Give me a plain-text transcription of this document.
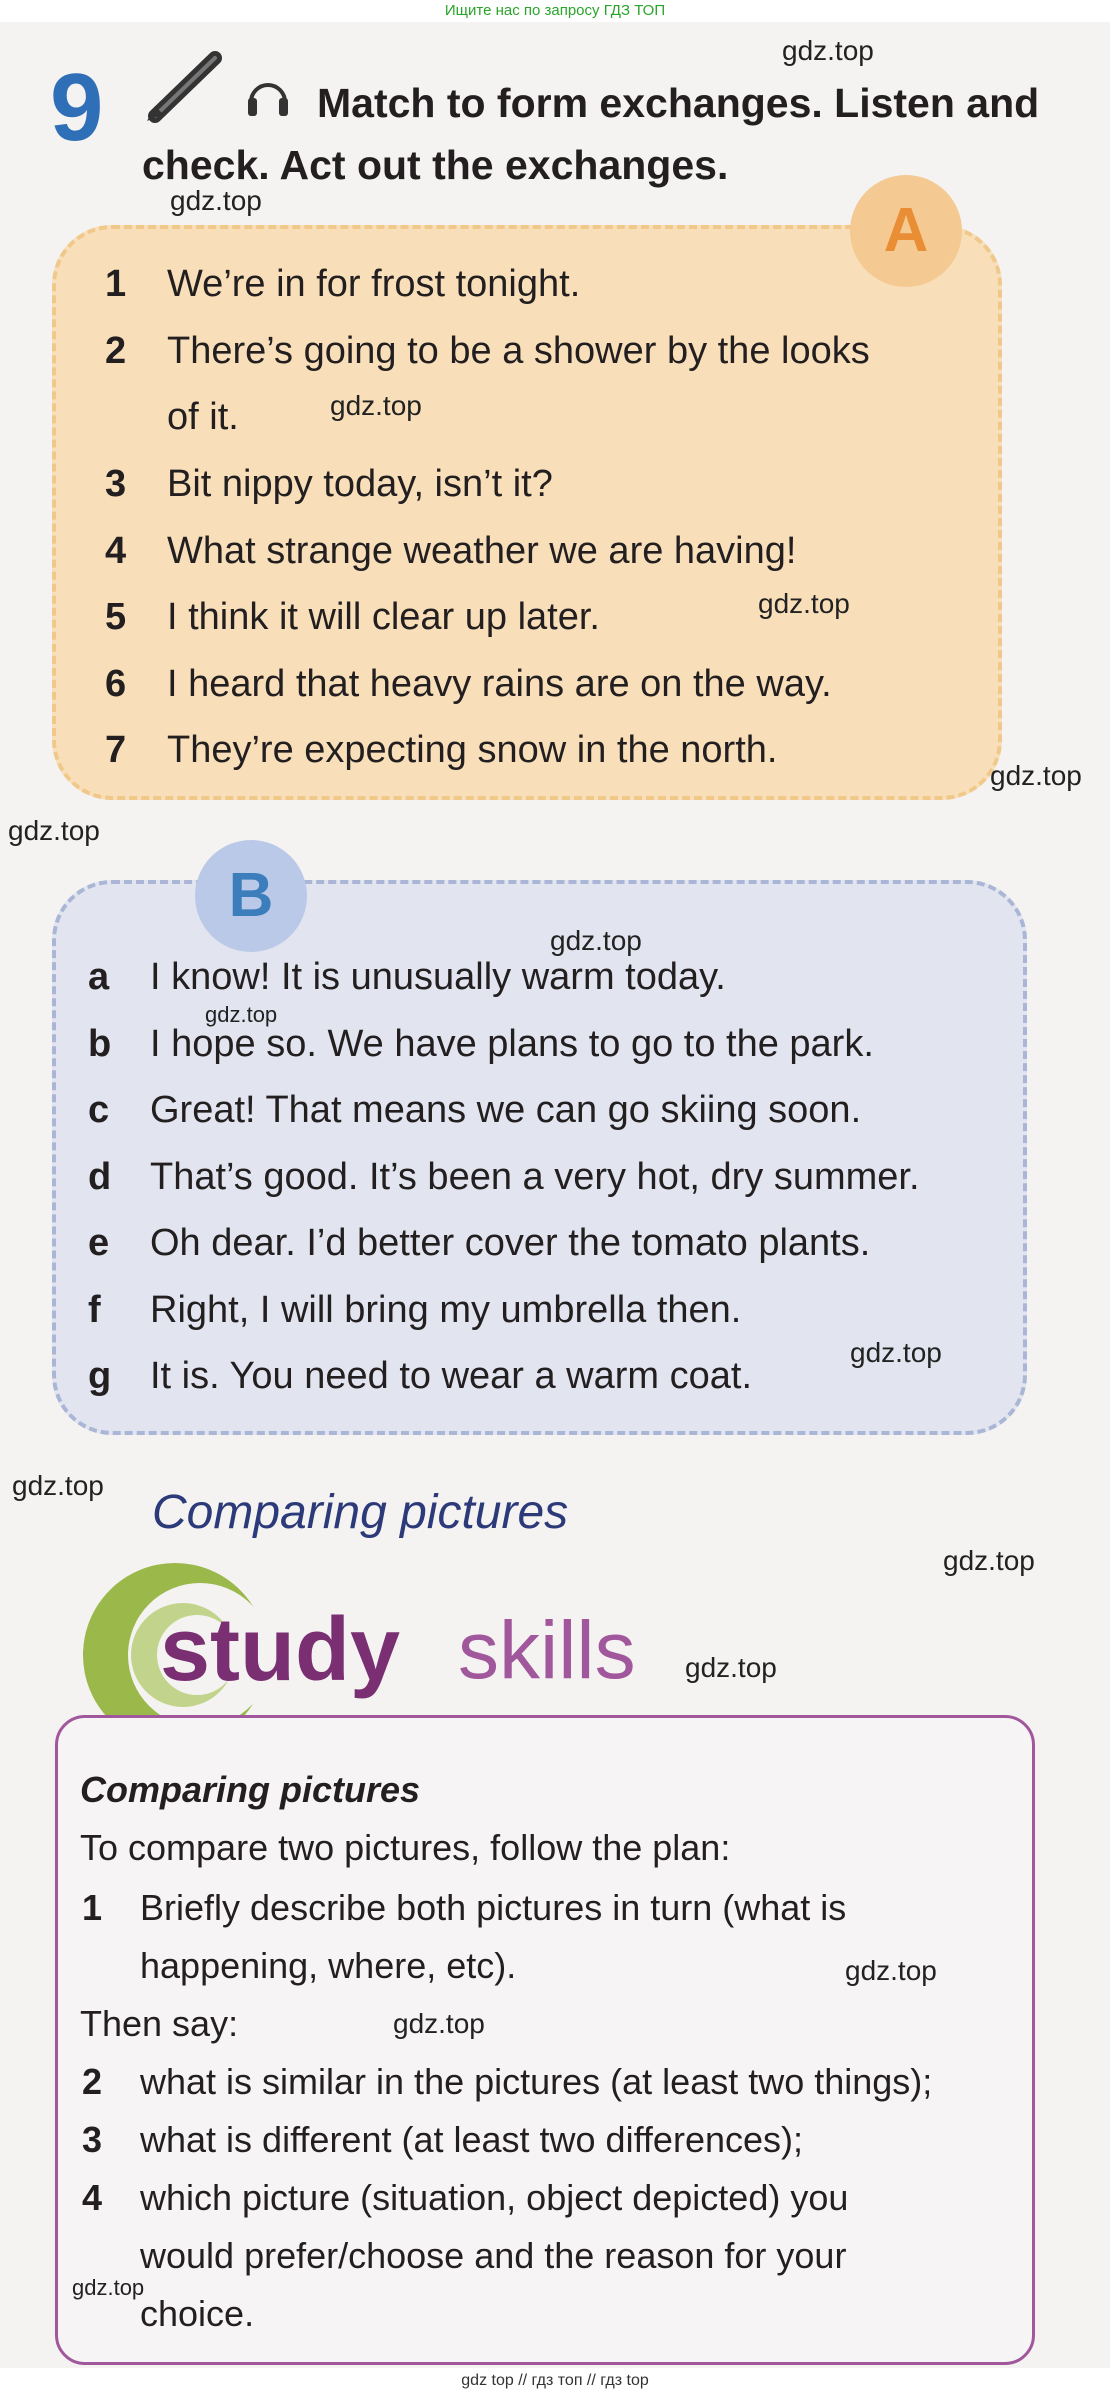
Ищите нас по запросу ГДЗ ТОП
9	Match to form exchanges. Listen and check. Act out the exchanges.
A
1 We’re in for frost tonight.
2 There’s going to be a shower by the looks
of it.
3 Bit nippy today, isn’t it?
4 What strange weather we are having!
5 I think it will clear up later.
6 I heard that heavy rains are on the way.
7 They’re expecting snow in the north.
B
a I know! It is unusually warm today.
b I hope so. We have plans to go to the park.
c Great! That means we can go skiing soon.
d That’s good. It’s been a very hot, dry summer.
e Oh dear. I’d better cover the tomato plants.
f Right, I will bring my umbrella then.
g It is. You need to wear a warm coat.
Comparing pictures
study skills
Comparing pictures
To compare two pictures, follow the plan:
1 Briefly describe both pictures in turn (what is
happening, where, etc).
Then say:
2 what is similar in the pictures (at least two things);
3 what is different (at least two differences);
4 which picture (situation, object depicted) you
would prefer/choose and the reason for your
choice.
gdz.top
gdz.top
gdz.top
gdz.top
gdz.top
gdz.top
gdz.top
gdz.top
gdz.top
gdz.top
gdz.top
gdz.top
gdz.top
gdz.top
gdz.top
gdz top // гдз топ // гдз top
